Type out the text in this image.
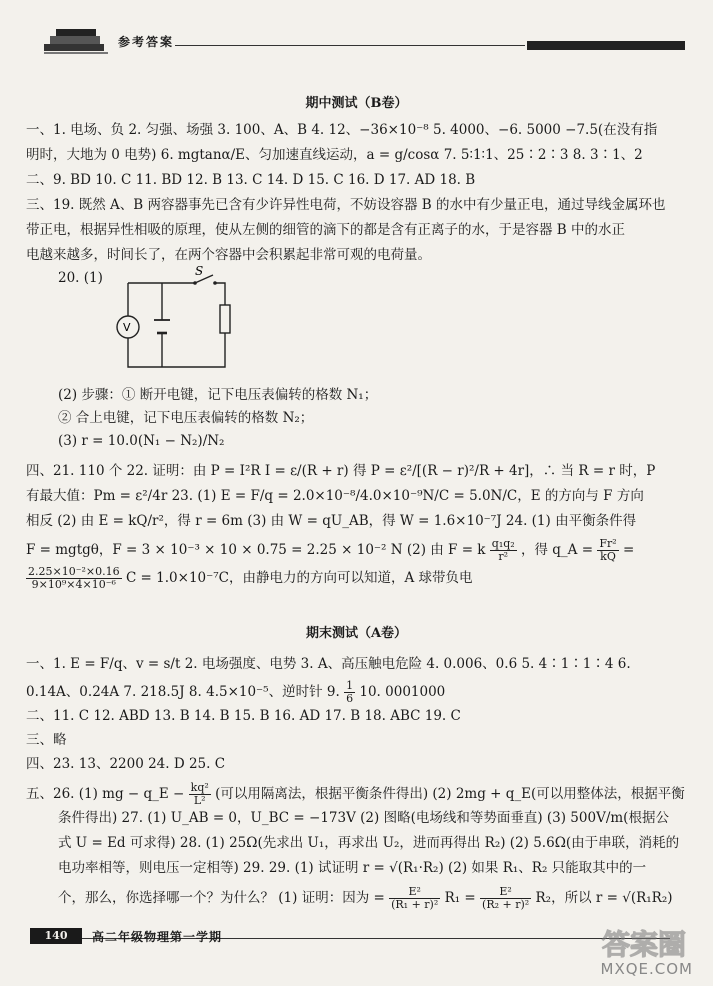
参考答案
期中测试（B卷）
一、1. 电场、负 2. 匀强、场强 3. 100、A、B 4. 12、−36×10⁻⁸ 5. 4000、−6. 5000 −7.5(在没有指
明时，大地为 0 电势) 6. mgtanα/E、匀加速直线运动，a = g/cosα 7. 5∶1∶1、25∶2∶3 8. 3∶1、2
二、9. BD 10. C 11. BD 12. B 13. C 14. D 15. C 16. D 17. AD 18. B
三、19. 既然 A、B 两容器事先已含有少许异性电荷，不妨设容器 B 的水中有少量正电，通过导线金属环也
带正电，根据异性相吸的原理，使从左侧的细管的滴下的都是含有正离子的水，于是容器 B 中的水正
电越来越多，时间长了，在两个容器中会积累起非常可观的电荷量。
20. (1)	S
V
(2) 步骤：① 断开电键，记下电压表偏转的格数 N₁；
② 合上电键，记下电压表偏转的格数 N₂；
(3) r = 10.0(N₁ − N₂)/N₂
四、21. 110 个 22. 证明：由 P = I²R I = ε/(R + r) 得 P = ε²/[(R − r)²/R + 4r]，∴ 当 R = r 时，P
有最大值：Pm = ε²/4r 23. (1) E = F/q = 2.0×10⁻⁸/4.0×10⁻⁹N/C = 5.0N/C，E 的方向与 F 方向
相反 (2) 由 E = kQ/r²，得 r = 6m (3) 由 W = qU_AB，得 W = 1.6×10⁻⁷J 24. (1) 由平衡条件得
F = mgtgθ，F = 3 × 10⁻³ × 10 × 0.75 = 2.25 × 10⁻² N (2) 由 F = k $\frac{\text{q₁q₂}}{\text{r²}}$ ，得 q_A = $\frac{\text{Fr²}}{kQ}$ =
$\frac{\text{2.25×10⁻²×0.16}}{\text{9×10⁹×4×10⁻⁶}}$ C = 1.0×10⁻⁷C，由静电力的方向可以知道，A 球带负电
期末测试（A卷）
一、1. E = F/q、v = s/t 2. 电场强度、电势 3. A、高压触电危险 4. 0.006、0.6 5. 4∶1∶1∶4 6.
0.14A、0.24A 7. 218.5J 8. 4.5×10⁻⁵、逆时针 9. $\frac{1}{6} 10$. 0001000
二、11. C 12. ABD 13. B 14. B 15. B 16. AD 17. B 18. ABC 19. C
三、略
四、23. 13、2200 24. D 25. C
五、26. (1) mg − q_E − $\frac{\text{kq²}}{\text{L²}}$ (可以用隔离法，根据平衡条件得出) (2) 2mg + q_E(可以用整体法，根据平衡
条件得出) 27. (1) U_AB = 0，U_BC = −173V (2) 图略(电场线和等势面垂直) (3) 500V/m(根据公
式 U = Ed 可求得) 28. (1) 25Ω(先求出 U₁，再求出 U₂，进而再得出 R₂) (2) 5.6Ω(由于串联，消耗的
电功率相等，则电压一定相等) 29. 29. (1) 试证明 r = √(R₁·R₂) (2) 如果 R₁、R₂ 只能取其中的一
个，那么，你选择哪一个？为什么？ (1) 证明：因为 = $\frac{\text{E²}}{\text{(R₁ + r)²}} R_1 = \frac{\text{E²}}{\text{(R₂ + r)²}} R_2$，所以 r = √(R₁R₂)
140	高二年级物理第一学期	答案圈
MXQE.COM
